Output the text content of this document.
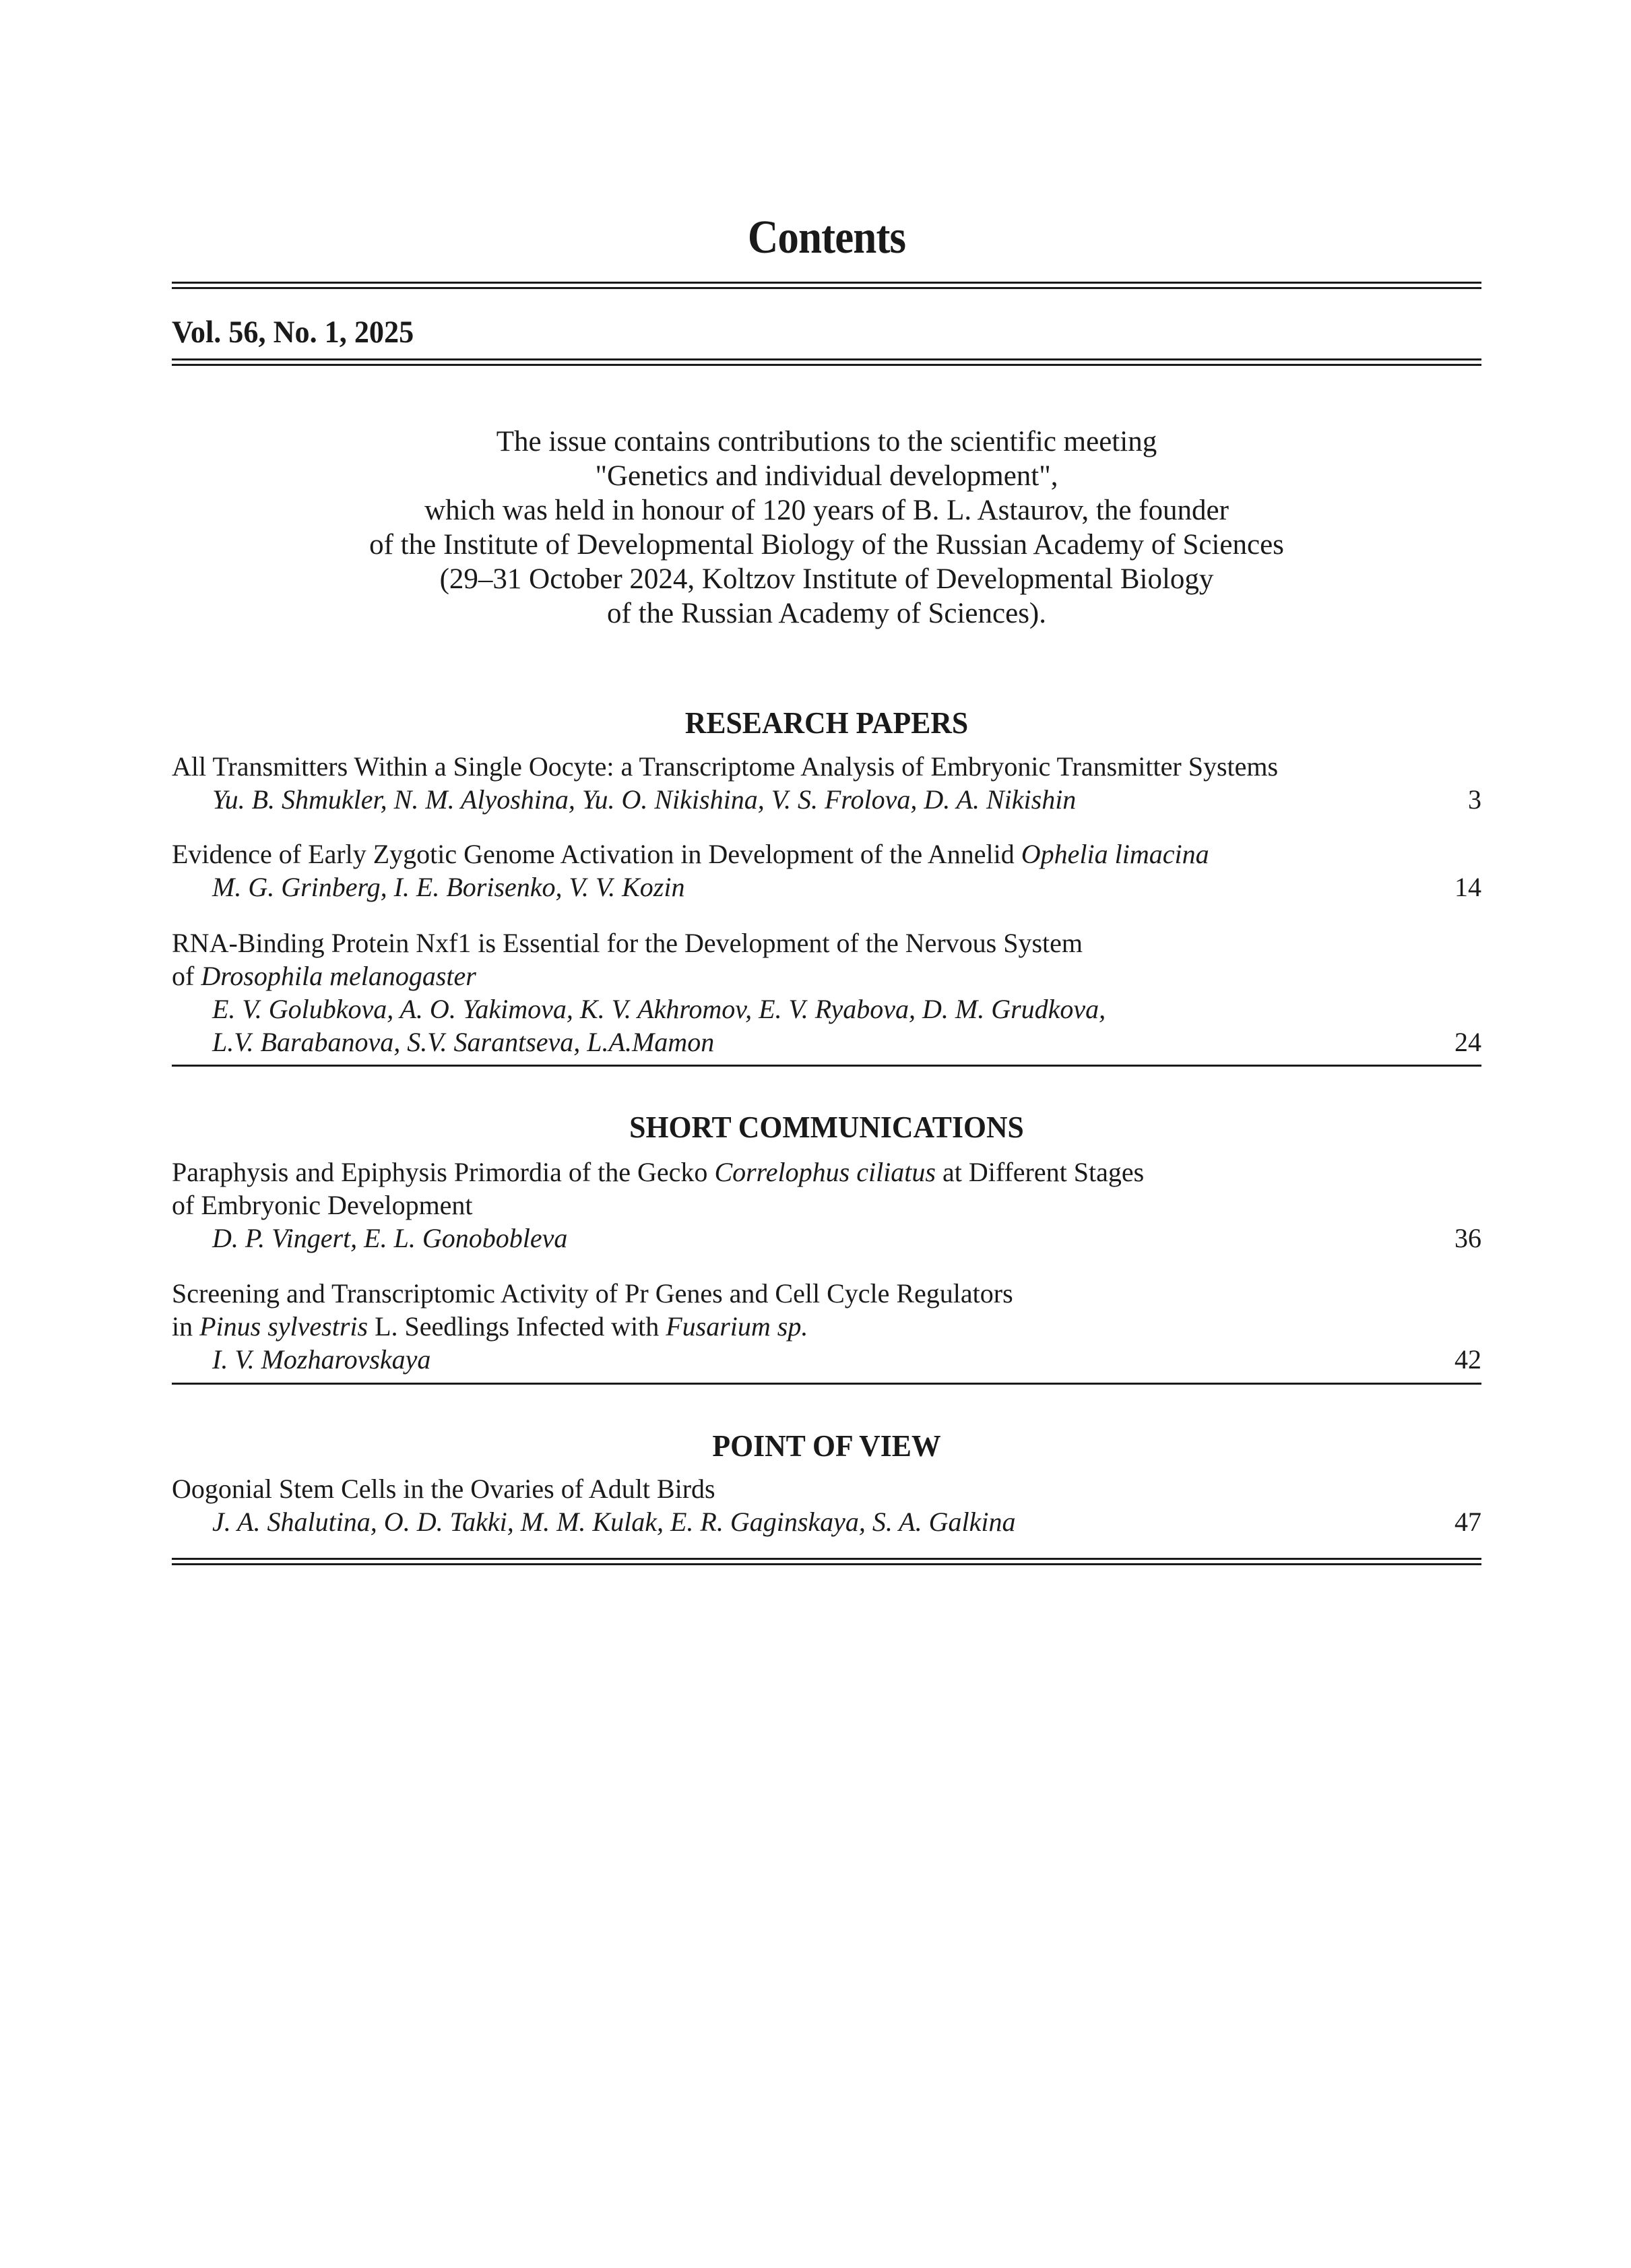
Contents
Vol. 56, No. 1, 2025
The issue contains contributions to the scientific meeting
"Genetics and individual development",
which was held in honour of 120 years of B. L. Astaurov, the founder
of the Institute of Developmental Biology of the Russian Academy of Sciences
(29–31 October 2024, Koltzov Institute of Developmental Biology
of the Russian Academy of Sciences).
RESEARCH PAPERS
All Transmitters Within a Single Oocyte: a Transcriptome Analysis of Embryonic Transmitter Systems
Yu. B. Shmukler, N. M. Alyoshina, Yu. O. Nikishina, V. S. Frolova, D. A. Nikishin	3
Evidence of Early Zygotic Genome Activation in Development of the Annelid Ophelia limacina
M. G. Grinberg, I. E. Borisenko, V. V. Kozin	14
RNA-Binding Protein Nxf1 is Essential for the Development of the Nervous System
of Drosophila melanogaster
E. V. Golubkova, A. O. Yakimova, K. V. Akhromov, E. V. Ryabova, D. M. Grudkova,
L.V. Barabanova, S.V. Sarantseva, L.A.Mamon	24
SHORT COMMUNICATIONS
Paraphysis and Epiphysis Primordia of the Gecko Correlophus ciliatus at Different Stages
of Embryonic Development
D. P. Vingert, E. L. Gonobobleva	36
Screening and Transcriptomic Activity of Pr Genes and Cell Cycle Regulators
in Pinus sylvestris L. Seedlings Infected with Fusarium sp.
I. V. Mozharovskaya	42
POINT OF VIEW
Oogonial Stem Cells in the Ovaries of Adult Birds
J. A. Shalutina, O. D. Takki, M. M. Kulak, E. R. Gaginskaya, S. A. Galkina	47
